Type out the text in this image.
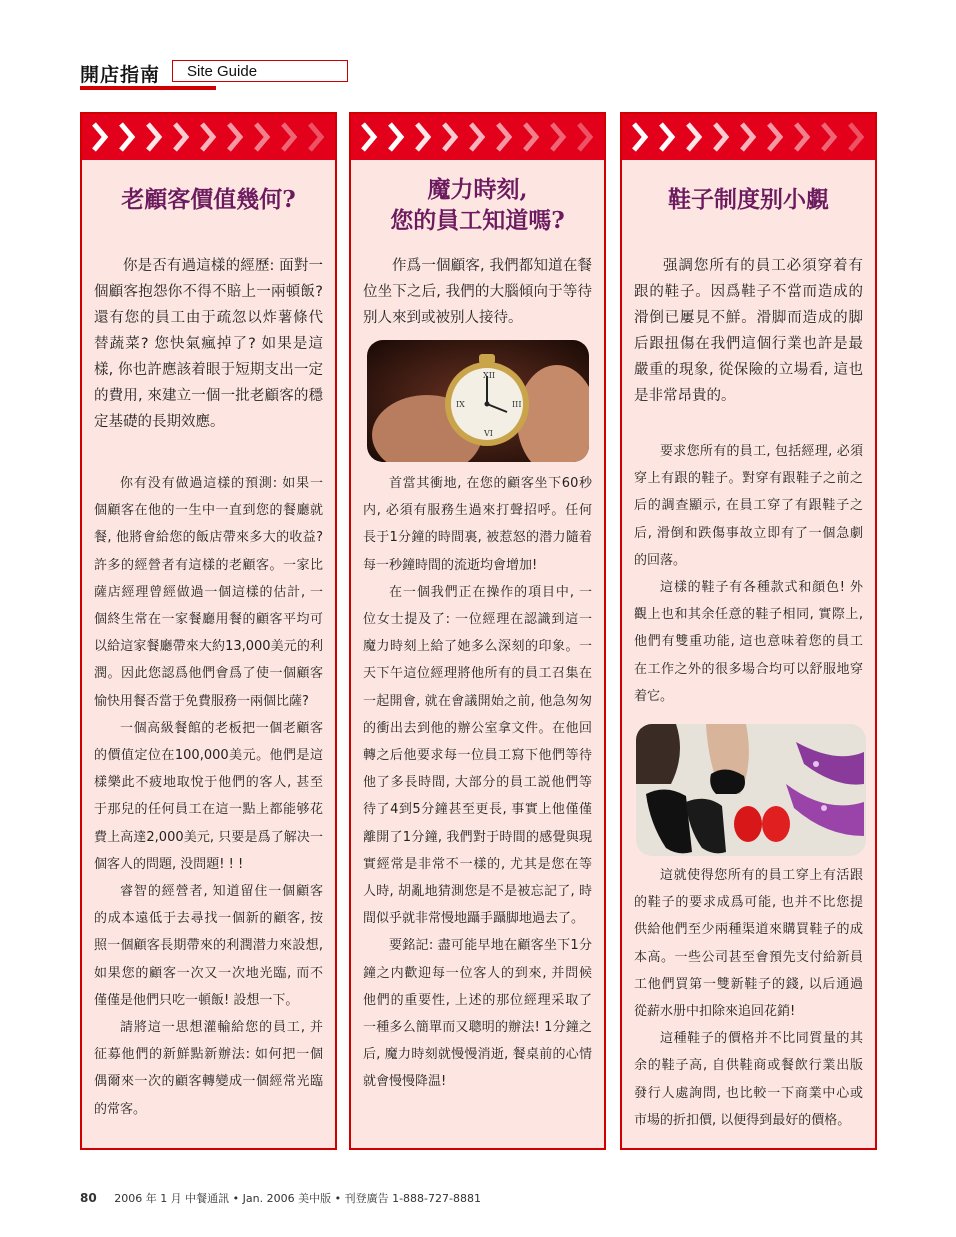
開店指南	Site Guide
老顧客價值幾何?

你是否有過這樣的經歷: 面對一個顧客抱怨你不得不賠上一兩頓飯? 還有您的員工由于疏忽以炸薯條代替蔬菜? 您快氣瘋掉了? 如果是這樣, 你也許應該着眼于短期支出一定的費用, 來建立一個一批老顧客的穩定基礎的長期效應。

你有没有做過這樣的預測: 如果一個顧客在他的一生中一直到您的餐廳就餐, 他將會給您的飯店帶來多大的收益? 許多的經營者有這樣的老顧客。一家比薩店經理曾經做過一個這樣的估計, 一個終生常在一家餐廳用餐的顧客平均可以給這家餐廳帶來大約13,000美元的利潤。因此您認爲他們會爲了使一個顧客愉快用餐否當于免費服務一兩個比薩?

一個高級餐館的老板把一個老顧客的價值定位在100,000美元。他們是這樣樂此不疲地取悅于他們的客人, 甚至于那兒的任何員工在這一點上都能够花費上高達2,000美元, 只要是爲了解决一個客人的問題, 没問題! ! !

睿智的經營者, 知道留住一個顧客的成本遠低于去尋找一個新的顧客, 按照一個顧客長期帶來的利潤潜力來設想, 如果您的顧客一次又一次地光臨, 而不僅僅是他們只吃一頓飯! 設想一下。

請將這一思想灌輸給您的員工, 并征募他們的新鮮點新辦法: 如何把一個偶爾來一次的顧客轉變成一個經常光臨的常客。

魔力時刻,
您的員工知道嗎?

作爲一個顧客, 我們都知道在餐位坐下之后, 我們的大腦傾向于等待别人來到或被别人接待。

XII
III
VI
IX

首當其衝地, 在您的顧客坐下60秒内, 必須有服務生過來打聲招呼。任何長于1分鐘的時間裏, 被惹怒的潜力隨着每一秒鐘時間的流逝均會增加!

在一個我們正在操作的項目中, 一位女士提及了: 一位經理在認識到這一魔力時刻上給了她多么深刻的印象。一天下午這位經理將他所有的員工召集在一起開會, 就在會議開始之前, 他急匆匆的衝出去到他的辦公室拿文件。在他回轉之后他要求每一位員工寫下他們等待他了多長時間, 大部分的員工説他們等待了4到5分鐘甚至更長, 事實上他僅僅離開了1分鐘, 我們對于時間的感覺與現實經常是非常不一樣的, 尤其是您在等人時, 胡亂地猜測您是不是被忘記了, 時間似乎就非常慢地躡手躡脚地過去了。

要銘記: 盡可能早地在顧客坐下1分鐘之内歡迎每一位客人的到來, 并問候他們的重要性, 上述的那位經理采取了一種多么簡單而又聰明的辦法! 1分鐘之后, 魔力時刻就慢慢消逝, 餐桌前的心情就會慢慢降温!

鞋子制度别小覷

强調您所有的員工必須穿着有跟的鞋子。因爲鞋子不當而造成的滑倒已屢見不鮮。滑脚而造成的脚后跟扭傷在我們這個行業也許是最嚴重的現象, 從保險的立場看, 這也是非常昂貴的。

要求您所有的員工, 包括經理, 必須穿上有跟的鞋子。對穿有跟鞋子之前之后的調查顯示, 在員工穿了有跟鞋子之后, 滑倒和跌傷事故立即有了一個急劇的回落。

這樣的鞋子有各種款式和顔色! 外觀上也和其余任意的鞋子相同, 實際上, 他們有雙重功能, 這也意味着您的員工在工作之外的很多場合均可以舒服地穿着它。

這就使得您所有的員工穿上有活跟的鞋子的要求成爲可能, 也并不比您提供給他們至少兩種渠道來購買鞋子的成本高。一些公司甚至會預先支付給新員工他們買第一雙新鞋子的錢, 以后通過從薪水册中扣除來追回花銷!

這種鞋子的價格并不比同質量的其余的鞋子高, 自供鞋商或餐飲行業出版發行人處詢問, 也比較一下商業中心或市場的折扣價, 以便得到最好的價格。

80 2006 年 1 月 中餐通訊 • Jan. 2006 美中版 • 刊登廣告 1-888-727-8881
